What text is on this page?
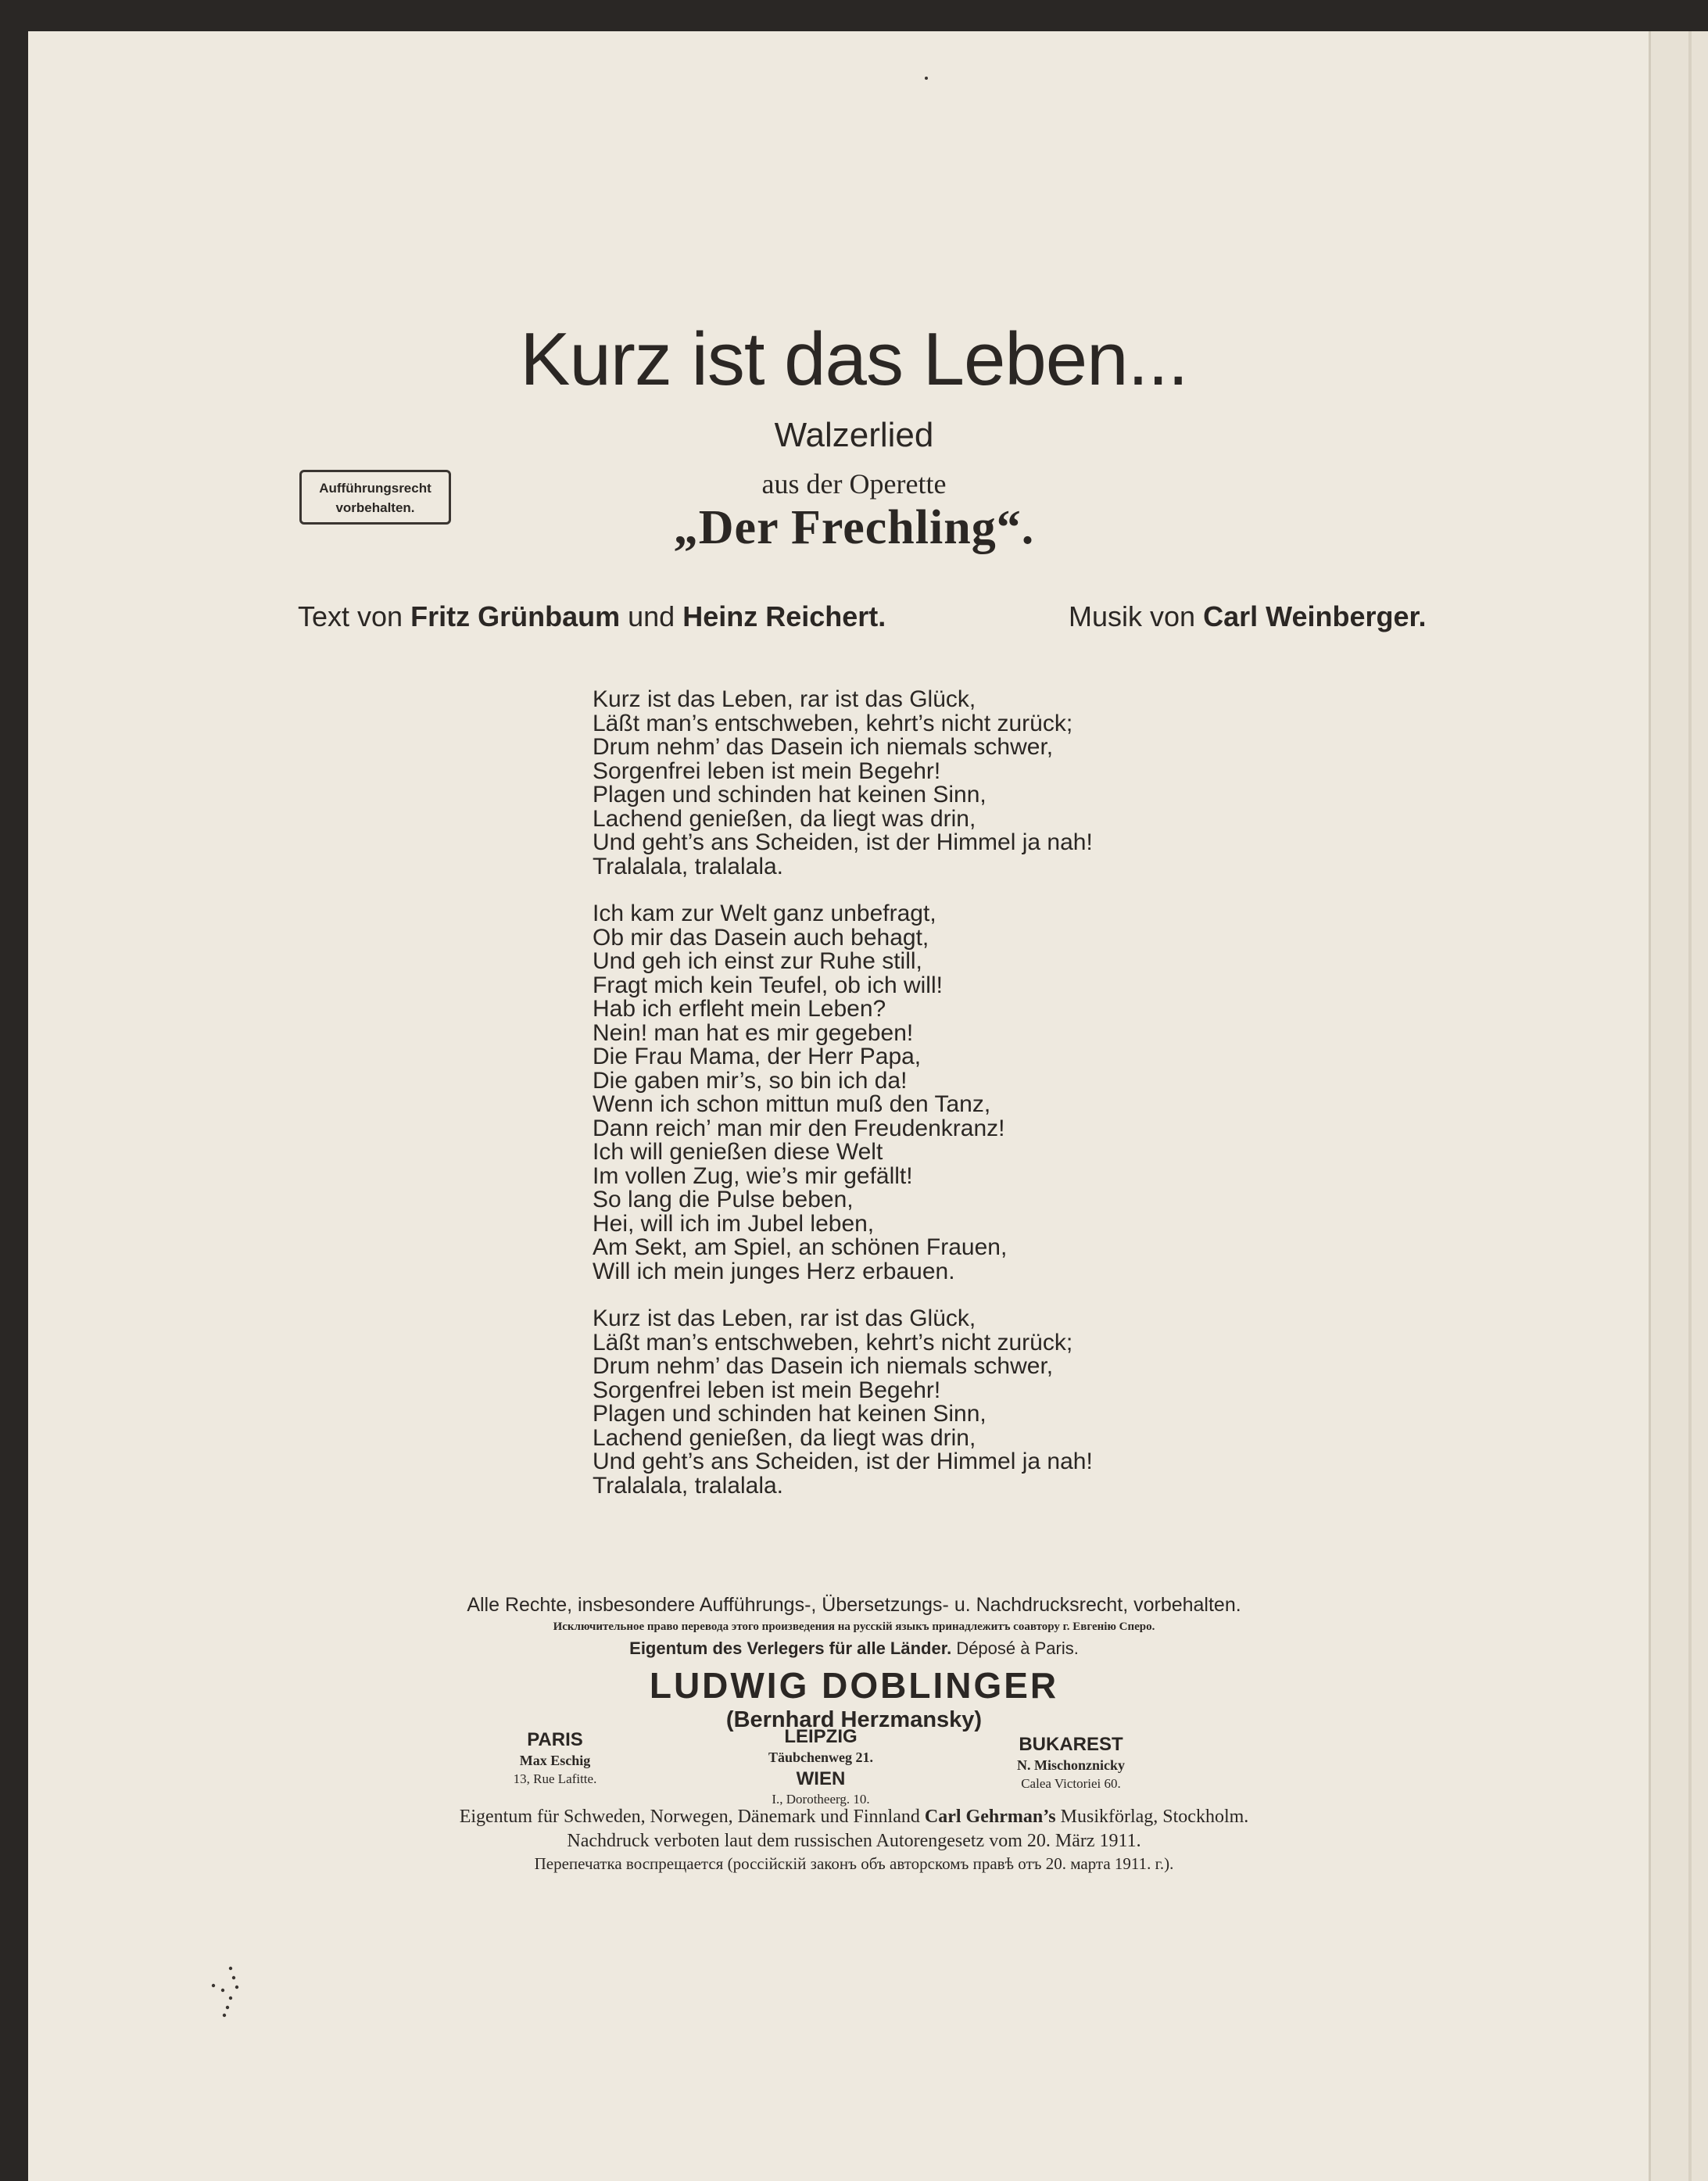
Kurz ist das Leben...
Walzerlied
aus der Operette
„Der Frechling“.
Aufführungsrecht
vorbehalten.
Text von Fritz Grünbaum und Heinz Reichert.	Musik von Carl Weinberger.
Kurz ist das Leben, rar ist das Glück,
Läßt man’s entschweben, kehrt’s nicht zurück;
Drum nehm’ das Dasein ich niemals schwer,
Sorgenfrei leben ist mein Begehr!
Plagen und schinden hat keinen Sinn,
Lachend genießen, da liegt was drin,
Und geht’s ans Scheiden, ist der Himmel ja nah!
Tralalala, tralalala.
Ich kam zur Welt ganz unbefragt,
Ob mir das Dasein auch behagt,
Und geh ich einst zur Ruhe still,
Fragt mich kein Teufel, ob ich will!
Hab ich erfleht mein Leben?
Nein! man hat es mir gegeben!
Die Frau Mama, der Herr Papa,
Die gaben mir’s, so bin ich da!
Wenn ich schon mittun muß den Tanz,
Dann reich’ man mir den Freudenkranz!
Ich will genießen diese Welt
Im vollen Zug, wie’s mir gefällt!
So lang die Pulse beben,
Hei, will ich im Jubel leben,
Am Sekt, am Spiel, an schönen Frauen,
Will ich mein junges Herz erbauen.
Kurz ist das Leben, rar ist das Glück,
Läßt man’s entschweben, kehrt’s nicht zurück;
Drum nehm’ das Dasein ich niemals schwer,
Sorgenfrei leben ist mein Begehr!
Plagen und schinden hat keinen Sinn,
Lachend genießen, da liegt was drin,
Und geht’s ans Scheiden, ist der Himmel ja nah!
Tralalala, tralalala.
Alle Rechte, insbesondere Aufführungs-, Übersetzungs- u. Nachdrucksrecht, vorbehalten.
Исключительное право перевода этого произведения на русскій языкъ принадлежитъ соавтору г. Евгенію Сперо.
Eigentum des Verlegers für alle Länder. Déposé à Paris.
LUDWIG DOBLINGER
(Bernhard Herzmansky)
PARIS
Max Eschig
13, Rue Lafitte.
LEIPZIG
Täubchenweg 21.
WIEN
I., Dorotheerg. 10.
BUKAREST
N. Mischonznicky
Calea Victoriei 60.
Eigentum für Schweden, Norwegen, Dänemark und Finnland Carl Gehrman’s Musikförlag, Stockholm.
Nachdruck verboten laut dem russischen Autorengesetz vom 20. März 1911.
Перепечатка воспрещается (россійскій законъ объ авторскомъ правѣ отъ 20. марта 1911. г.).
